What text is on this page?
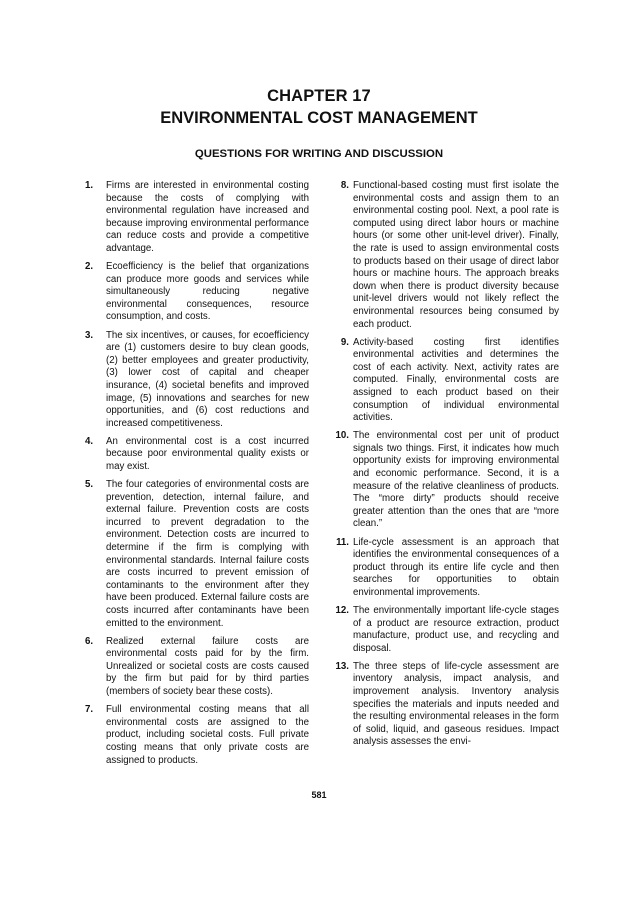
CHAPTER 17
ENVIRONMENTAL COST MANAGEMENT
QUESTIONS FOR WRITING AND DISCUSSION
1. Firms are interested in environmental costing because the costs of complying with environmental regulation have increased and because improving environmental performance can reduce costs and provide a competitive advantage.
2. Ecoefficiency is the belief that organizations can produce more goods and services while simultaneously reducing negative environmental consequences, resource consumption, and costs.
3. The six incentives, or causes, for ecoefficiency are (1) customers desire to buy clean goods, (2) better employees and greater productivity, (3) lower cost of capital and cheaper insurance, (4) societal benefits and improved image, (5) innovations and searches for new opportunities, and (6) cost reductions and increased competitiveness.
4. An environmental cost is a cost incurred because poor environmental quality exists or may exist.
5. The four categories of environmental costs are prevention, detection, internal failure, and external failure. Prevention costs are costs incurred to prevent degradation to the environment. Detection costs are incurred to determine if the firm is complying with environmental standards. Internal failure costs are costs incurred to prevent emission of contaminants to the environment after they have been produced. External failure costs are costs incurred after contaminants have been emitted to the environment.
6. Realized external failure costs are environmental costs paid for by the firm. Unrealized or societal costs are costs caused by the firm but paid for by third parties (members of society bear these costs).
7. Full environmental costing means that all environmental costs are assigned to the product, including societal costs. Full private costing means that only private costs are assigned to products.
8. Functional-based costing must first isolate the environmental costs and assign them to an environmental costing pool. Next, a pool rate is computed using direct labor hours or machine hours (or some other unit-level driver). Finally, the rate is used to assign environmental costs to products based on their usage of direct labor hours or machine hours. The approach breaks down when there is product diversity because unit-level drivers would not likely reflect the environmental resources being consumed by each product.
9. Activity-based costing first identifies environmental activities and determines the cost of each activity. Next, activity rates are computed. Finally, environmental costs are assigned to each product based on their consumption of individual environmental activities.
10. The environmental cost per unit of product signals two things. First, it indicates how much opportunity exists for improving environmental and economic performance. Second, it is a measure of the relative cleanliness of products. The “more dirty” products should receive greater attention than the ones that are “more clean.”
11. Life-cycle assessment is an approach that identifies the environmental consequences of a product through its entire life cycle and then searches for opportunities to obtain environmental improvements.
12. The environmentally important life-cycle stages of a product are resource extraction, product manufacture, product use, and recycling and disposal.
13. The three steps of life-cycle assessment are inventory analysis, impact analysis, and improvement analysis. Inventory analysis specifies the materials and inputs needed and the resulting environmental releases in the form of solid, liquid, and gaseous residues. Impact analysis assesses the envi-
581
